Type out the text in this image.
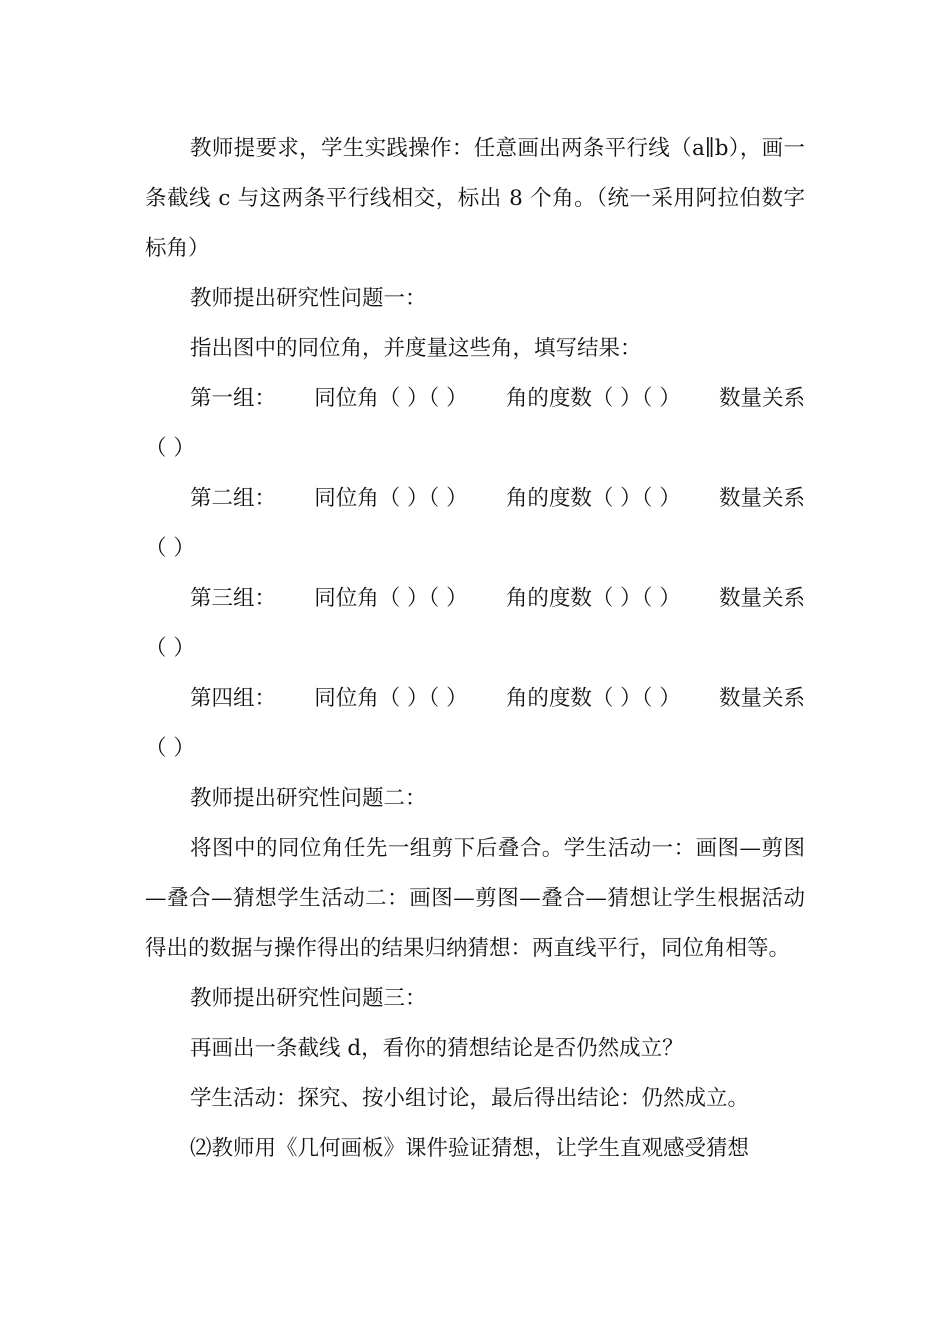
教师提要求，学生实践操作：任意画出两条平行线（a∥b），画一条截线 c 与这两条平行线相交，标出 8 个角。（统一采用阿拉伯数字标角）

教师提出研究性问题一：

指出图中的同位角，并度量这些角，填写结果：

第一组： 同位角（ ）（ ） 角的度数（ ）（ ） 数量关系

（ ）

第二组： 同位角（ ）（ ） 角的度数（ ）（ ） 数量关系

（ ）

第三组： 同位角（ ）（ ） 角的度数（ ）（ ） 数量关系

（ ）

第四组： 同位角（ ）（ ） 角的度数（ ）（ ） 数量关系

（ ）

教师提出研究性问题二：

将图中的同位角任先一组剪下后叠合。学生活动一：画图—剪图—叠合—猜想学生活动二：画图—剪图—叠合—猜想让学生根据活动得出的数据与操作得出的结果归纳猜想：两直线平行，同位角相等。

教师提出研究性问题三：

再画出一条截线 d，看你的猜想结论是否仍然成立？

学生活动：探究、按小组讨论，最后得出结论：仍然成立。

⑵教师用《几何画板》课件验证猜想，让学生直观感受猜想
